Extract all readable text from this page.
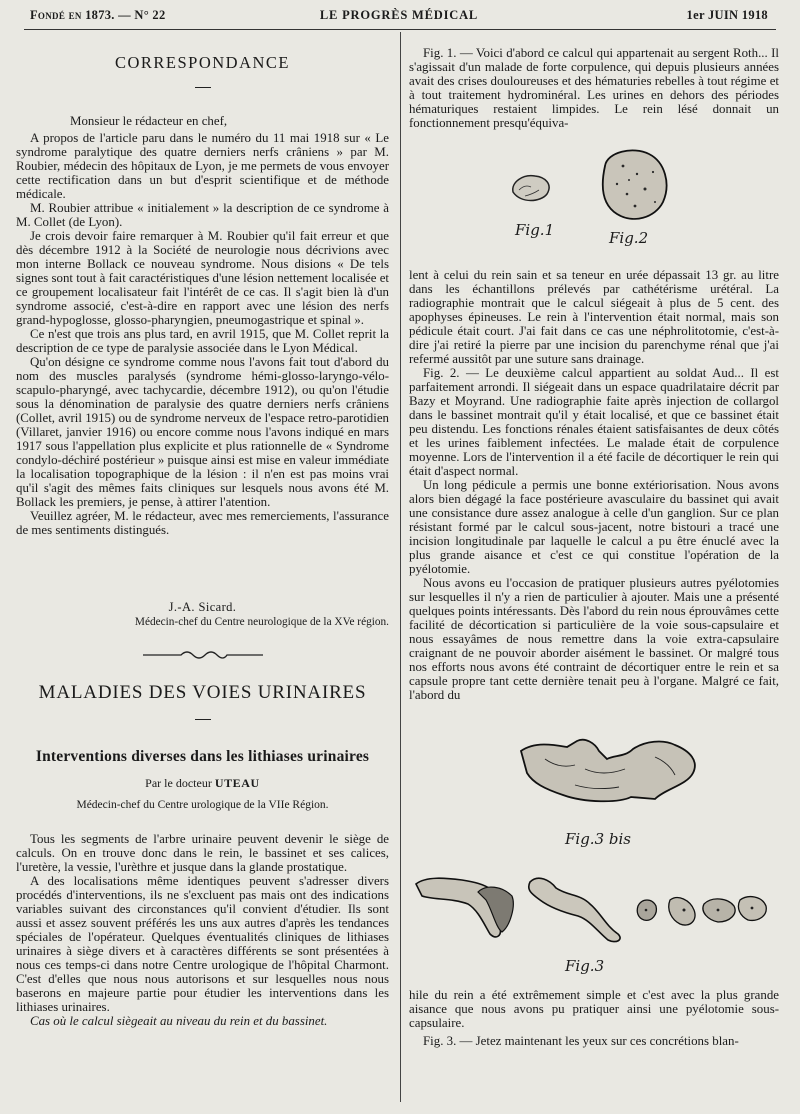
Fondé en 1873. — N° 22	LE PROGRÈS MÉDICAL	1er JUIN 1918
CORRESPONDANCE

Monsieur le rédacteur en chef,

A propos de l'article paru dans le numéro du 11 mai 1918 sur « Le syndrome paralytique des quatre derniers nerfs crâniens » par M. Roubier, médecin des hôpitaux de Lyon, je me permets de vous envoyer cette rectification dans un but d'esprit scientifique et de méthode médicale.

M. Roubier attribue « initialement » la description de ce syndrome à M. Collet (de Lyon).

Je crois devoir faire remarquer à M. Roubier qu'il fait erreur et que dès décembre 1912 à la Société de neurologie nous décrivions avec mon interne Bollack ce nouveau syndrome. Nous disions « De tels signes sont tout à fait caractéristiques d'une lésion nettement localisée et ce groupement localisateur fait l'intérêt de ce cas. Il s'agit bien là d'un syndrome associé, c'est-à-dire en rapport avec une lésion des nerfs grand-hypoglosse, glosso-pharyngien, pneumogastrique et spinal ».

Ce n'est que trois ans plus tard, en avril 1915, que M. Collet reprit la description de ce type de paralysie associée dans le Lyon Médical.

Qu'on désigne ce syndrome comme nous l'avons fait tout d'abord du nom des muscles paralysés (syndrome hémi-glosso-laryngo-vélo-scapulo-pharyngé, avec tachycardie, décembre 1912), ou qu'on l'étudie sous la dénomination de paralysie des quatre derniers nerfs crâniens (Collet, avril 1915) ou de syndrome nerveux de l'espace retro-parotidien (Villaret, janvier 1916) ou encore comme nous l'avons indiqué en mars 1917 sous l'appellation plus explicite et plus rationnelle de « Syndrome condylo-déchiré postérieur » puisque ainsi est mise en valeur immédiate la localisation topographique de la lésion : il n'en est pas moins vrai qu'il s'agit des mêmes faits cliniques sur lesquels nous avons été M. Bollack les premiers, je pense, à attirer l'atention.

Veuillez agréer, M. le rédacteur, avec mes remerciements, l'assurance de mes sentiments distingués.

J.-A. Sicard.
Médecin-chef du Centre neurologique de la XVe région.
MALADIES DES VOIES URINAIRES
Interventions diverses dans les lithiases urinaires
Par le docteur UTEAU
Médecin-chef du Centre urologique de la VIIe Région.

Tous les segments de l'arbre urinaire peuvent devenir le siège de calculs. On en trouve donc dans le rein, le bassinet et ses calices, l'uretère, la vessie, l'urèthre et jusque dans la glande prostatique.

A des localisations même identiques peuvent s'adresser divers procédés d'interventions, ils ne s'excluent pas mais ont des indications variables suivant des circonstances qu'il convient d'étudier. Ils sont aussi et assez souvent préférés les uns aux autres d'après les tendances spéciales de l'opérateur. Quelques éventualités cliniques de lithiases urinaires à siège divers et à caractères différents se sont présentées à nous ces temps-ci dans notre Centre urologique de l'hôpital Charmont. C'est d'elles que nous nous autorisons et sur lesquelles nous nous baserons en majeure partie pour étudier les interventions dans les lithiases urinaires.

Cas où le calcul siègeait au niveau du rein et du bassinet.

Fig. 1. — Voici d'abord ce calcul qui appartenait au sergent Roth... Il s'agissait d'un malade de forte corpulence, qui depuis plusieurs années avait des crises douloureuses et des hématuries rebelles à tout régime et à tout traitement hydrominéral. Les urines en dehors des périodes hématuriques restaient limpides. Le rein lésé donnait un fonctionnement presqu'équiva-

Fig.1	Fig.2

lent à celui du rein sain et sa teneur en urée dépassait 13 gr. au litre dans les échantillons prélevés par cathétérisme urétéral. La radiographie montrait que le calcul siégeait à plus de 5 cent. des apophyses épineuses. Le rein à l'intervention était normal, mais son pédicule était court. J'ai fait dans ce cas une néphrolitotomie, c'est-à-dire j'ai retiré la pierre par une incision du parenchyme rénal que j'ai refermé aussitôt par une suture sans drainage.

Fig. 2. — Le deuxième calcul appartient au soldat Aud... Il est parfaitement arrondi. Il siégeait dans un espace quadrilataire décrit par Bazy et Moyrand. Une radiographie faite après injection de collargol dans le bassinet montrait qu'il y était localisé, et que ce bassinet était peu distendu. Les fonctions rénales étaient satisfaisantes de deux côtés et les urines faiblement infectées. Le malade était de corpulence moyenne. Lors de l'intervention il a été facile de décortiquer le rein qui était d'aspect normal.

Un long pédicule a permis une bonne extériorisation. Nous avons alors bien dégagé la face postérieure avasculaire du bassinet qui avait une consistance dure assez analogue à celle d'un ganglion. Sur ce plan résistant formé par le calcul sous-jacent, notre bistouri a tracé une incision longitudinale par laquelle le calcul a pu être énuclé avec la plus grande aisance et c'est ce qui constitue l'opération de la pyélotomie.

Nous avons eu l'occasion de pratiquer plusieurs autres pyélotomies sur lesquelles il n'y a rien de particulier à ajouter. Mais une a présenté quelques points intéressants. Dès l'abord du rein nous éprouvâmes cette facilité de décortication si particulière de la voie sous-capsulaire et nous essayâmes de nous remettre dans la voie extra-capsulaire craignant de ne pouvoir aborder aisément le bassinet. Or malgré tous nos efforts nous avons été contraint de décortiquer entre le rein et sa capsule propre tant cette dernière tenait peu à l'organe. Malgré ce fait, l'abord du

Fig.3 bis
Fig.3

hile du rein a été extrêmement simple et c'est avec la plus grande aisance que nous avons pu pratiquer ainsi une pyélotomie sous-capsulaire.

Fig. 3. — Jetez maintenant les yeux sur ces concrétions blan-
